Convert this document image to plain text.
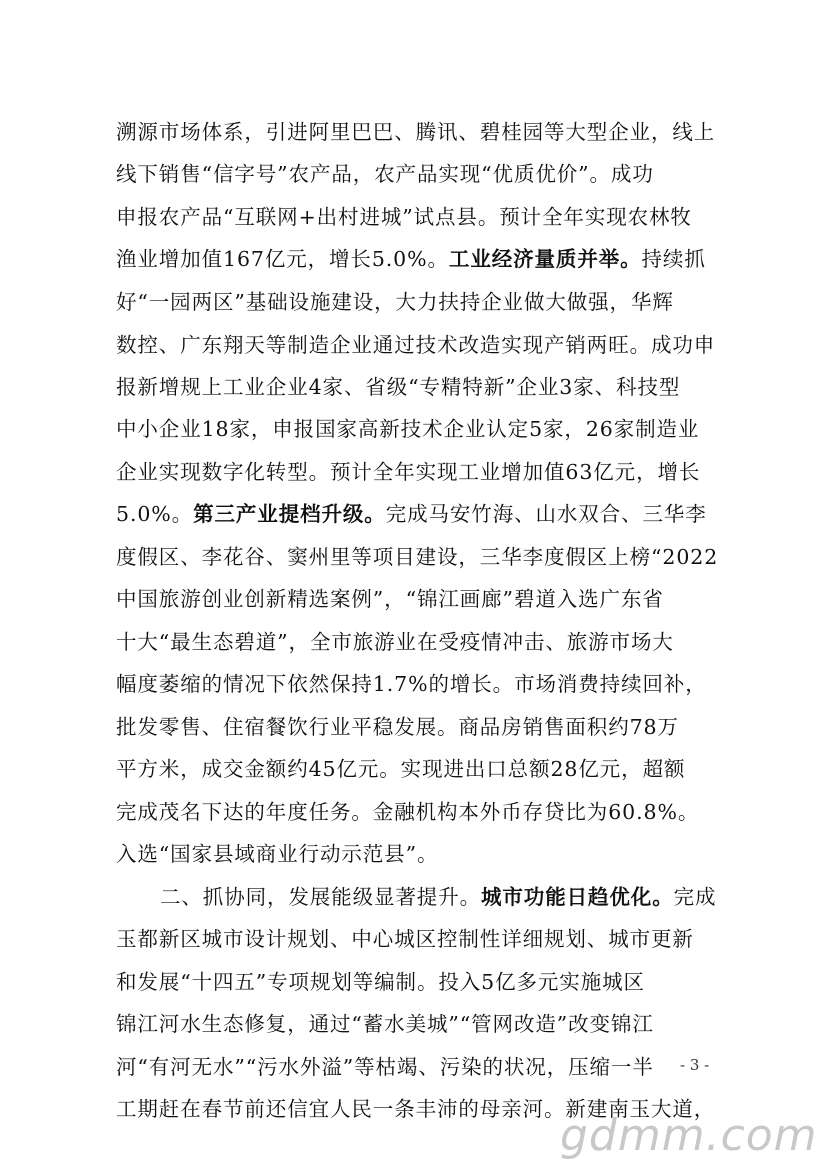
溯源市场体系，引进阿里巴巴、腾讯、碧桂园等大型企业，线上
线下销售“信字号”农产品，农产品实现“优质优价”。成功
申报农产品“互联网+出村进城”试点县。预计全年实现农林牧
渔业增加值167亿元，增长5.0%。工业经济量质并举。持续抓
好“一园两区”基础设施建设，大力扶持企业做大做强，华辉
数控、广东翔天等制造企业通过技术改造实现产销两旺。成功申
报新增规上工业企业4家、省级“专精特新”企业3家、科技型
中小企业18家，申报国家高新技术企业认定5家，26家制造业
企业实现数字化转型。预计全年实现工业增加值63亿元，增长
5.0%。第三产业提档升级。完成马安竹海、山水双合、三华李
度假区、李花谷、窦州里等项目建设，三华李度假区上榜“2022
中国旅游创业创新精选案例”，“锦江画廊”碧道入选广东省
十大“最生态碧道”，全市旅游业在受疫情冲击、旅游市场大
幅度萎缩的情况下依然保持1.7%的增长。市场消费持续回补，
批发零售、住宿餐饮行业平稳发展。商品房销售面积约78万
平方米，成交金额约45亿元。实现进出口总额28亿元，超额
完成茂名下达的年度任务。金融机构本外币存贷比为60.8%。
入选“国家县域商业行动示范县”。
二、抓协同，发展能级显著提升。城市功能日趋优化。完成
玉都新区城市设计规划、中心城区控制性详细规划、城市更新
和发展“十四五”专项规划等编制。投入5亿多元实施城区
锦江河水生态修复，通过“蓄水美城”“管网改造”改变锦江
河“有河无水”“污水外溢”等枯竭、污染的状况，压缩一半
工期赶在春节前还信宜人民一条丰沛的母亲河。新建南玉大道，
- 3 -
gdmm.com
